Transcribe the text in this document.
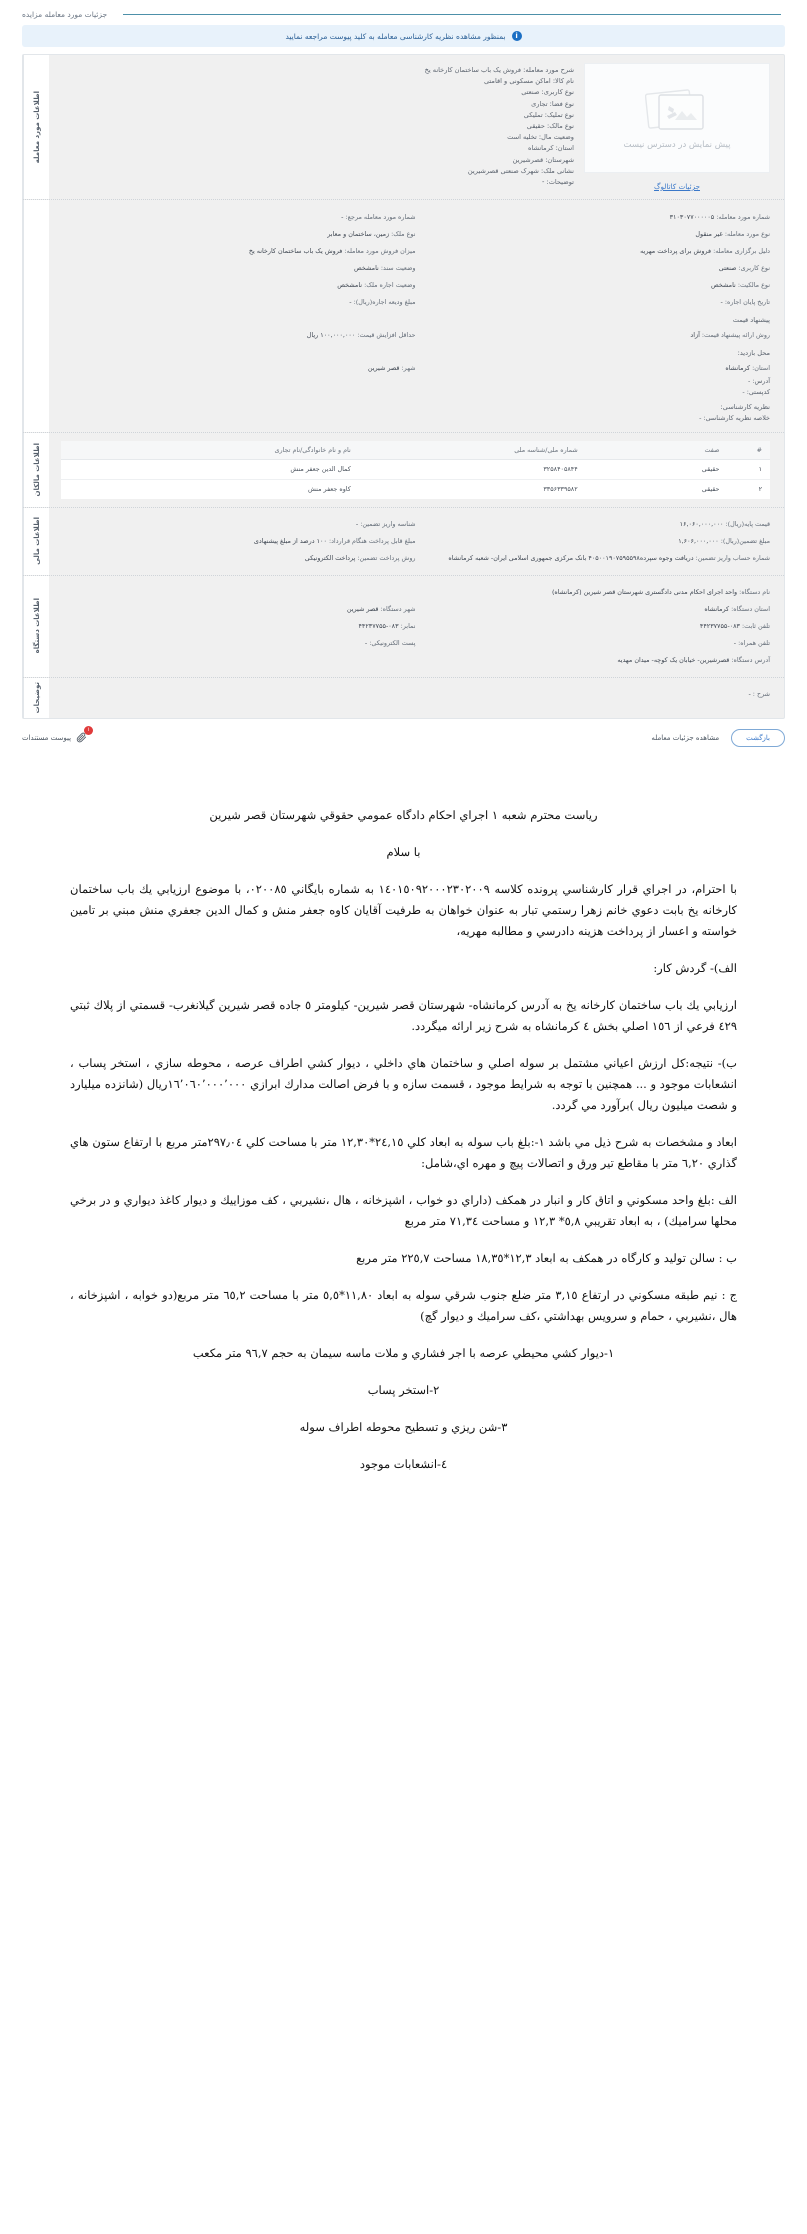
جزئیات مورد معامله مزایده
i
بمنظور مشاهده نظریه کارشناسی معامله به کلید پیوست مراجعه نمایید
اطلاعات مورد معامله	پیش نمایش در دسترس نیست
جزئیات کاتالوگ
شرح مورد معامله: فروش یک باب ساختمان کارخانه یخ
نام کالا: اماکن مسکونی و اقامتی
نوع کاربری: صنعتی
نوع فضا: تجاری
نوع تملیک: تملیکی
نوع مالک: حقیقی
وضعیت مال: تخلیه است
استان: کرمانشاه
شهرستان: قصرشیرین
نشانی ملک: شهرک صنعتی قصرشیرین
توضیحات: -

شماره مورد معامله: ۳۱۰۳۰۷۷۰۰۰۰۰۵
شماره مورد معامله مرجع: -
نوع مورد معامله: غیر منقول
نوع ملک: زمین، ساختمان و معابر
دلیل برگزاری معامله: فروش برای پرداخت مهریه
میزان فروش مورد معامله: فروش یک باب ساختمان کارخانه یخ
نوع کاربری: صنعتی
وضعیت سند: نامشخص
نوع مالکیت: نامشخص
وضعیت اجاره ملک: نامشخص
تاریخ پایان اجاره: -
مبلغ ودیعه اجاره(ریال): -
پیشنهاد قیمت
روش ارائه پیشنهاد قیمت: آزاد
حداقل افزایش قیمت: ۱۰۰,۰۰۰,۰۰۰ ریال
محل بازدید:
استان: کرمانشاه
شهر: قصر شیرین
آدرس: -
کدپستی: -
نظریه کارشناسی:
خلاصه نظریه کارشناسی: -
اطلاعات مالکان	#	صفت	شماره ملی/شناسه ملی	نام و نام خانوادگی/نام تجاری
۱	حقیقی	۳۲۵۸۴۰۵۸۴۴	کمال الدین جعفر منش
۲	حقیقی	۳۳۵۶۳۳۹۵۸۲	کاوه جعفر منش
اطلاعات مالی	قیمت پایه(ریال): ۱۶,۰۶۰,۰۰۰,۰۰۰
شناسه واریز تضمین: -
مبلغ تضمین(ریال): ۱,۶۰۶,۰۰۰,۰۰۰
مبلغ قابل پرداخت هنگام قرارداد: ۱۰۰ درصد از مبلغ پیشنهادی
شماره حساب واریز تضمین: دریافت وجوه سپرده۴۰۵۰۰۱۹۰۷۵۹۵۵۹۸ بانک مرکزی جمهوری اسلامی ایران- شعبه کرمانشاه
روش پرداخت تضمین: پرداخت الکترونیکی
اطلاعات دستگاه
نام دستگاه: واحد اجرای احکام مدنی دادگستری شهرستان قصر شیرین (کرمانشاه)
استان دستگاه: کرمانشاه
شهر دستگاه: قصر شیرین
تلفن ثابت: ۰۸۳-۴۴۲۳۷۷۵۵
نمابر: ۰۸۳-۴۴۲۳۷۷۵۵
تلفن همراه: -
پست الکترونیکی: -
آدرس دستگاه: قصرشیرین- خیابان یک کوچه- میدان مهدیه
توضیحات	شرح : -
بازگشت
مشاهده جزئیات معامله
۱
پیوست مستندات

رياست محترم شعبه ١ اجراي احكام دادگاه عمومي حقوقي شهرستان قصر شيرين

با سلام

با احترام، در اجراي قرار كارشناسي پرونده كلاسه ١٤٠١٥٠٩٢٠٠٠٢٣٠٢٠٠٩ به شماره بايگاني ٠٢٠٠٨٥، با موضوع ارزيابي يك باب ساختمان كارخانه يخ بابت دعوي خانم زهرا رستمي تبار به عنوان خواهان به طرفيت آقايان كاوه جعفر منش و كمال الدين جعفري منش مبني بر تامين خواسته و اعسار از پرداخت هزينه دادرسي و مطالبه مهريه،

الف)- گردش كار:

ارزيابي يك باب ساختمان كارخانه يخ به آدرس كرمانشاه- شهرستان قصر شيرين- كيلومتر ٥ جاده قصر شيرين گيلانغرب- قسمتي از پلاك ثبتي ٤٢٩ فرعي از ١٥٦ اصلي بخش ٤ كرمانشاه به شرح زير ارائه ميگردد.

ب)- نتيجه:كل ارزش اعياني مشتمل بر سوله اصلي و ساختمان هاي داخلي ، ديوار كشي اطراف عرصه ، محوطه سازي ، استخر پساب ، انشعابات موجود و ... همچنين با توجه به شرايط موجود ، قسمت سازه و با فرض اصالت مدارك ابرازي ١٦٬٠٦٠٬٠٠٠٬٠٠٠ريال (شانزده ميليارد و شصت ميليون ريال )برآورد مي گردد.

ابعاد و مشخصات به شرح ذيل مي باشد ١-:بلغ باب سوله به ابعاد كلي ٢٤,١٥*١٢,٣٠ متر با مساحت كلي ٢٩٧٫٠٤متر مربع با ارتفاع ستون هاي گذاري ٦,٢٠ متر با مقاطع تير ورق و اتصالات پيچ و مهره اي،شامل:

الف :بلغ واحد مسكوني و اتاق كار و انبار در همكف (داراي دو خواب ، اشپزخانه ، هال ،نشيربي ، كف موزاييك و ديوار كاغذ ديواري و در برخي محلها سراميك) ، به ابعاد تقريبي ٥,٨* ١٢,٣ و مساحت ٧١,٣٤ متر مربع

ب : سالن توليد و كارگاه در همكف به ابعاد ١٢,٣*١٨,٣٥ مساحت ٢٢٥,٧ متر مربع

ج : نيم طبقه مسكوني در ارتفاع ٣,١٥ متر ضلع جنوب شرقي سوله به ابعاد ١١,٨٠*٥,٥ متر با مساحت ٦٥,٢ متر مربع(دو خوابه ، اشپزخانه ، هال ،نشيربي ، حمام و سرويس بهداشتي ،كف سراميك و ديوار گچ)

١-ديوار كشي محيطي عرصه با اجر فشاري و ملات ماسه سيمان به حجم ٩٦,٧ متر مكعب

٢-استخر پساب

٣-شن ريزي و تسطيح محوطه اطراف سوله

٤-انشعابات موجود
